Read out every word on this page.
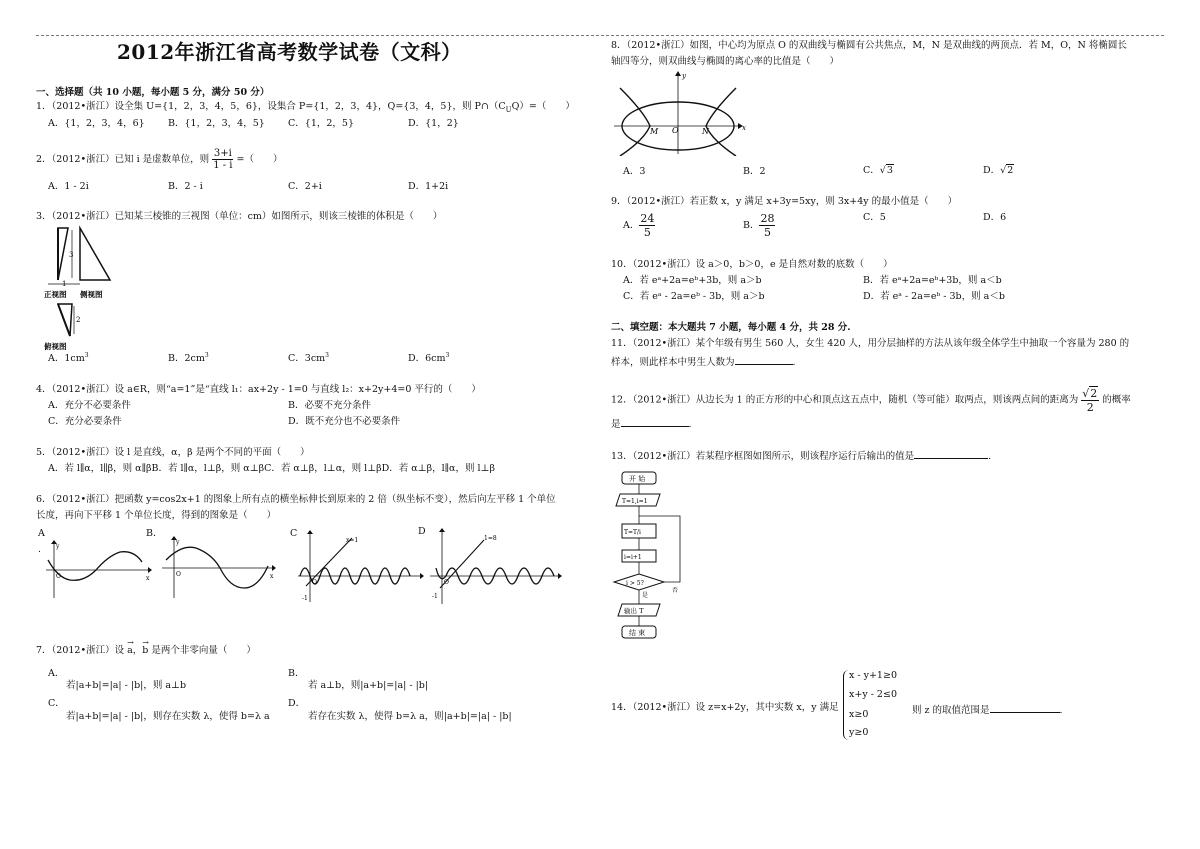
2012年浙江省高考数学试卷（文科）
一、选择题（共 10 小题，每小题 5 分，满分 50 分）
1．（2012•浙江）设全集 U={1，2，3，4，5，6}，设集合 P={1，2，3，4}，Q={3，4，5}，则 $P\cap(C_UQ)=$（　　）
A．{1，2，3，4，6} B．{1，2，3，4，5} C．{1，2，5}	D．{1，2}
2．（2012•浙江）已知 i 是虚数单位，则 $\frac{3+i}{1 - i}$ =（　　）
A．1 - 2i	B．2 - i	C．2+i	D．1+2i
3．（2012•浙江）已知某三棱锥的三视图（单位：cm）如图所示，则该三棱锥的体积是（　　）
3
1
正视图 侧视图
2
俯视图
A．$1cm^3$	B．$2cm^3$	C．$3cm^3$	D．$6cm^3$
4．（2012•浙江）设 a∈R，则“a=1”是“直线 l₁：ax+2y - 1=0 与直线 l₂：x+2y+4=0 平行的（　　）
A．充分不必要条件	B．必要不充分条件
C．充分必要条件	D．既不充分也不必要条件
5．（2012•浙江）设 l 是直线，α，β 是两个不同的平面（　　）
A．若 l∥α，l∥β，则 α∥βB．若 l∥α，l⊥β，则 α⊥βC．若 α⊥β，l⊥α，则 l⊥βD．若 α⊥β，l∥α，则 l⊥β
6．（2012•浙江）把函数 y=cos2x+1 的图象上所有点的横坐标伸长到原来的 2 倍（纵坐标不变），然后向左平移 1 个单位
长度，再向下平移 1 个单位长度，得到的图象是（　　）
A
.
O	x
y
B．
O	x
y
C
x=1
O
-1
D
1=8
O
-1
7．（2012•浙江）设 → a，→ b 是两个非零向量（　　）
A．
若|a+b|=|a| - |b|，则 a⊥b
B．
若 a⊥b，则|a+b|=|a| - |b|
C．
若|a+b|=|a| - |b|，则存在实数 λ，使得 b=λ a
D．
若存在实数 λ，使得 b=λ a，则|a+b|=|a| - |b|
8．（2012•浙江）如图，中心均为原点 O 的双曲线与椭圆有公共焦点，M，N 是双曲线的两顶点．若 M，O，N 将椭圆长
轴四等分，则双曲线与椭圆的离心率的比值是（　　）
M O	N	x
y
A．3	B．2	C．√3	D．√2
9．（2012•浙江）若正数 x，y 满足 x+3y=5xy，则 3x+4y 的最小值是（　　）
A． $\frac{24}{5}$	B． $\frac{28}{5}$	C．5	D．6
10．（2012•浙江）设 a＞0，b＞0，e 是自然对数的底数（　　）
A．若 eᵃ+2a=eᵇ+3b，则 a＞b	B．若 eᵃ+2a=eᵇ+3b，则 a＜b
C．若 eᵃ - 2a=eᵇ - 3b，则 a＞b	D．若 eᵃ - 2a=eᵇ - 3b，则 a＜b
二、填空题：本大题共 7 小题，每小题 4 分，共 28 分.
11．（2012•浙江）某个年级有男生 560 人，女生 420 人，用分层抽样的方法从该年级全体学生中抽取一个容量为 280 的
样本，则此样本中男生人数为	.
12．（2012•浙江）从边长为 1 的正方形的中心和顶点这五点中，随机（等可能）取两点，则该两点间的距离为 $\frac{√2}{2}$ 的概率
是	.
13．（2012•浙江）若某程序框图如图所示，则该程序运行后输出的值是	.
开 始
T=1,i=1
T=T/i
i=i+1
i > 5?
否
是
输出 T
结 束
14．（2012•浙江）设 z=x+2y，其中实数 x，y 满足
x - y+1≥0
x+y - 2≤0
x≥0
y≥0
则 z 的取值范围是	.
